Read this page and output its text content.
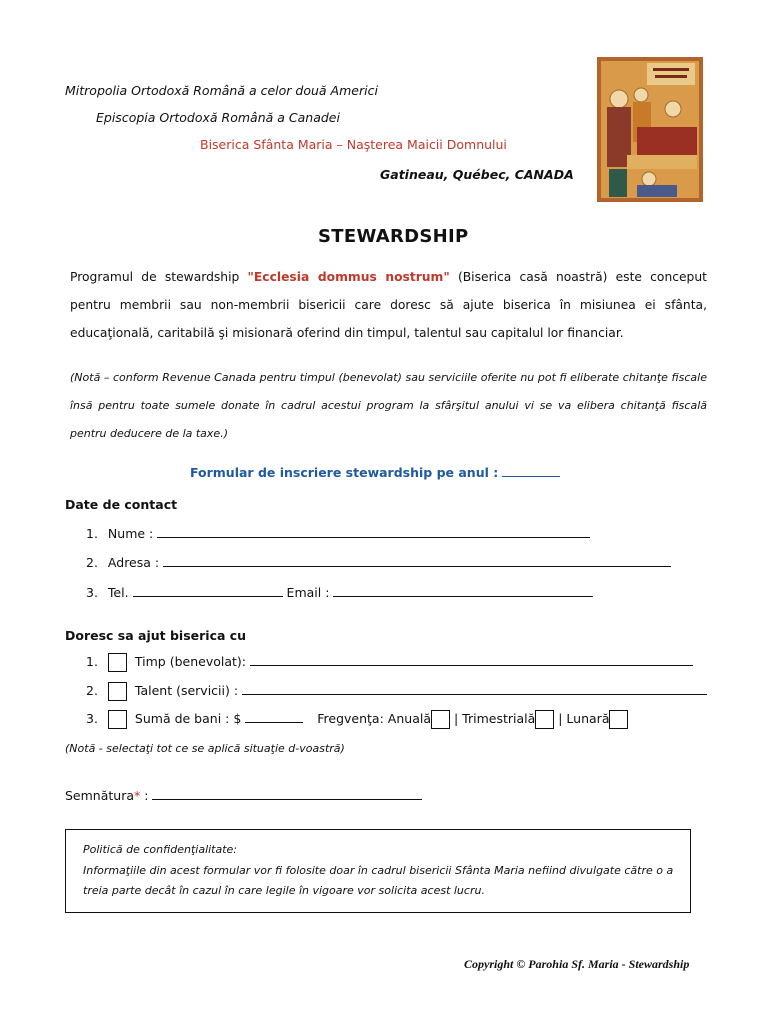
Mitropolia Ortodoxă Română a celor două Americi
Episcopia Ortodoxă Română a Canadei
Biserica Sfânta Maria – Naşterea Maicii Domnului
Gatineau, Québec, CANADA
STEWARDSHIP
Programul de stewardship "Ecclesia dommus nostrum" (Biserica casă noastră) este conceput pentru membrii sau non-membrii bisericii care doresc să ajute biserica în misiunea ei sfânta, educaţională, caritabilă şi misionară oferind din timpul, talentul sau capitalul lor financiar.
(Notă – conform Revenue Canada pentru timpul (benevolat) sau serviciile oferite nu pot fi eliberate chitanţe fiscale însă pentru toate sumele donate în cadrul acestui program la sfârşitul anului vi se va elibera chitanţă fiscală pentru deducere de la taxe.)
Formular de inscriere stewardship pe anul :
Date de contact
1. Nume :
2. Adresa :
3. Tel.	Email :
Doresc sa ajut biserica cu
1.	Timp (benevolat):
2.	Talent (servicii) :
3.	Sumă de bani : $	Fregvenţa: Anuală | Trimestrială | Lunară
(Notă - selectaţi tot ce se aplică situaţie d-voastră)
Semnătura* :
Politică de confidenţialitate:
Informaţiile din acest formular vor fi folosite doar în cadrul bisericii Sfânta Maria nefiind divulgate către o a treia parte decât în cazul în care legile în vigoare vor solicita acest lucru.
Copyright © Parohia Sf. Maria - Stewardship
